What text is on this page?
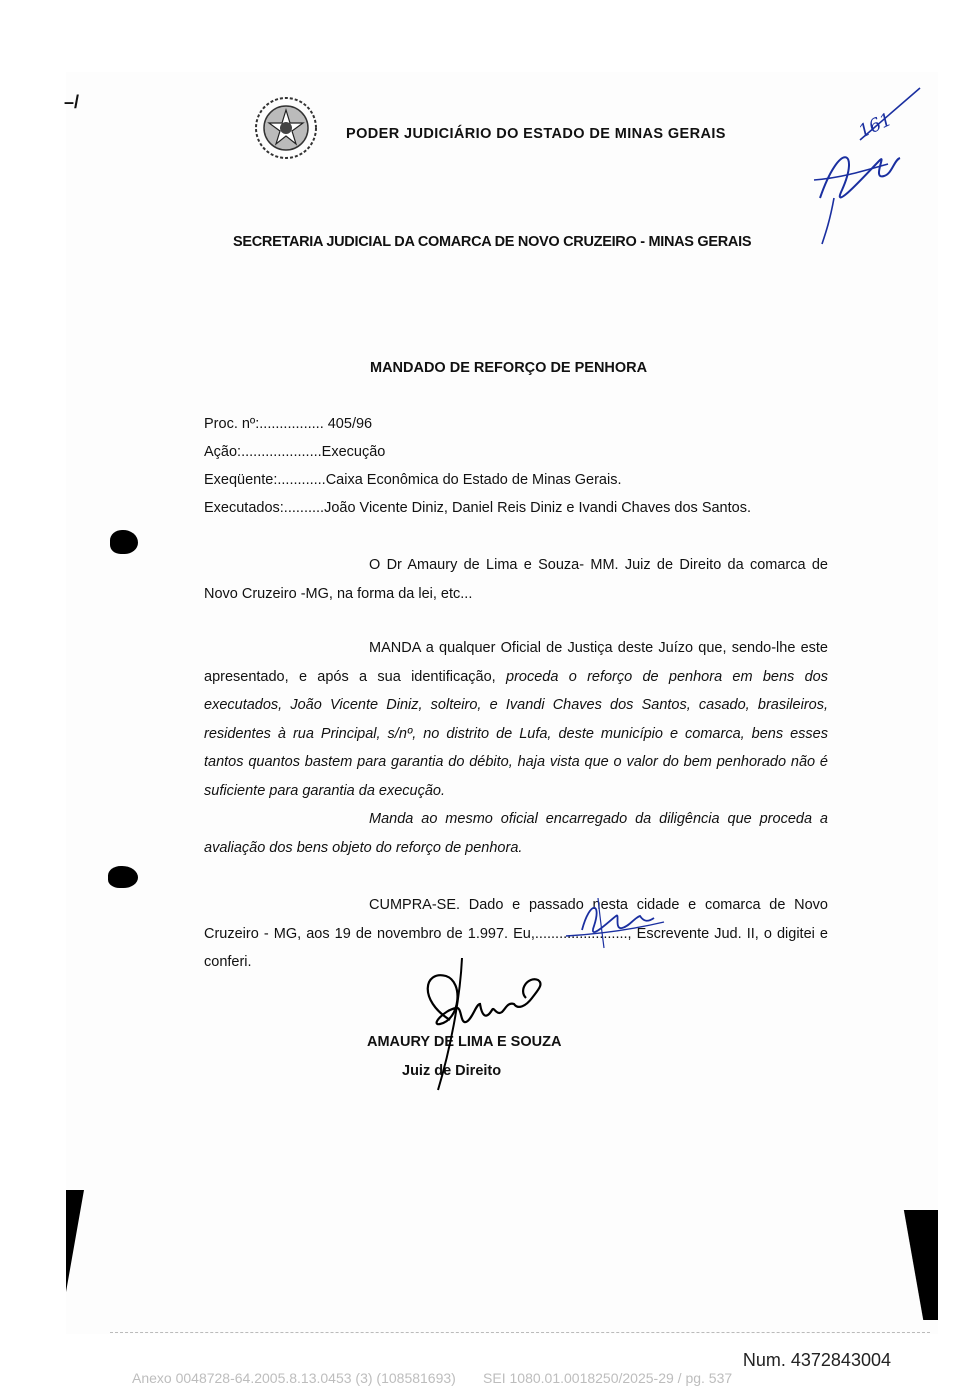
–/
PODER JUDICIÁRIO DO ESTADO DE MINAS GERAIS
SECRETARIA JUDICIAL DA COMARCA DE NOVO CRUZEIRO - MINAS GERAIS
MANDADO DE REFORÇO DE PENHORA
Proc. nº:................ 405/96
Ação:....................Execução
Exeqüente:............Caixa Econômica do Estado de Minas Gerais.
Executados:..........João Vicente Diniz, Daniel Reis Diniz e Ivandi Chaves dos Santos.
O Dr Amaury de Lima e Souza- MM. Juiz de Direito da comarca de Novo Cruzeiro -MG, na forma da lei, etc...
MANDA a qualquer Oficial de Justiça deste Juízo que, sendo-lhe este apresentado, e após a sua identificação, proceda o reforço de penhora em bens dos executados, João Vicente Diniz, solteiro, e Ivandi Chaves dos Santos, casado, brasileiros, residentes à rua Principal, s/nº, no distrito de Lufa, deste município e comarca, bens esses tantos quantos bastem para garantia do débito, haja vista que o valor do bem penhorado não é suficiente para garantia da execução.
Manda ao mesmo oficial encarregado da diligência que proceda a avaliação dos bens objeto do reforço de penhora.
CUMPRA-SE. Dado e passado nesta cidade e comarca de Novo Cruzeiro - MG, aos 19 de novembro de 1.997. Eu,......................., Escrevente Jud. II, o digitei e conferi.
AMAURY DE LIMA E SOUZA
Juiz de Direito
161
Num. 4372843004
Anexo 0048728-64.2005.8.13.0453 (3) (108581693)       SEI 1080.01.0018250/2025-29 / pg. 537
